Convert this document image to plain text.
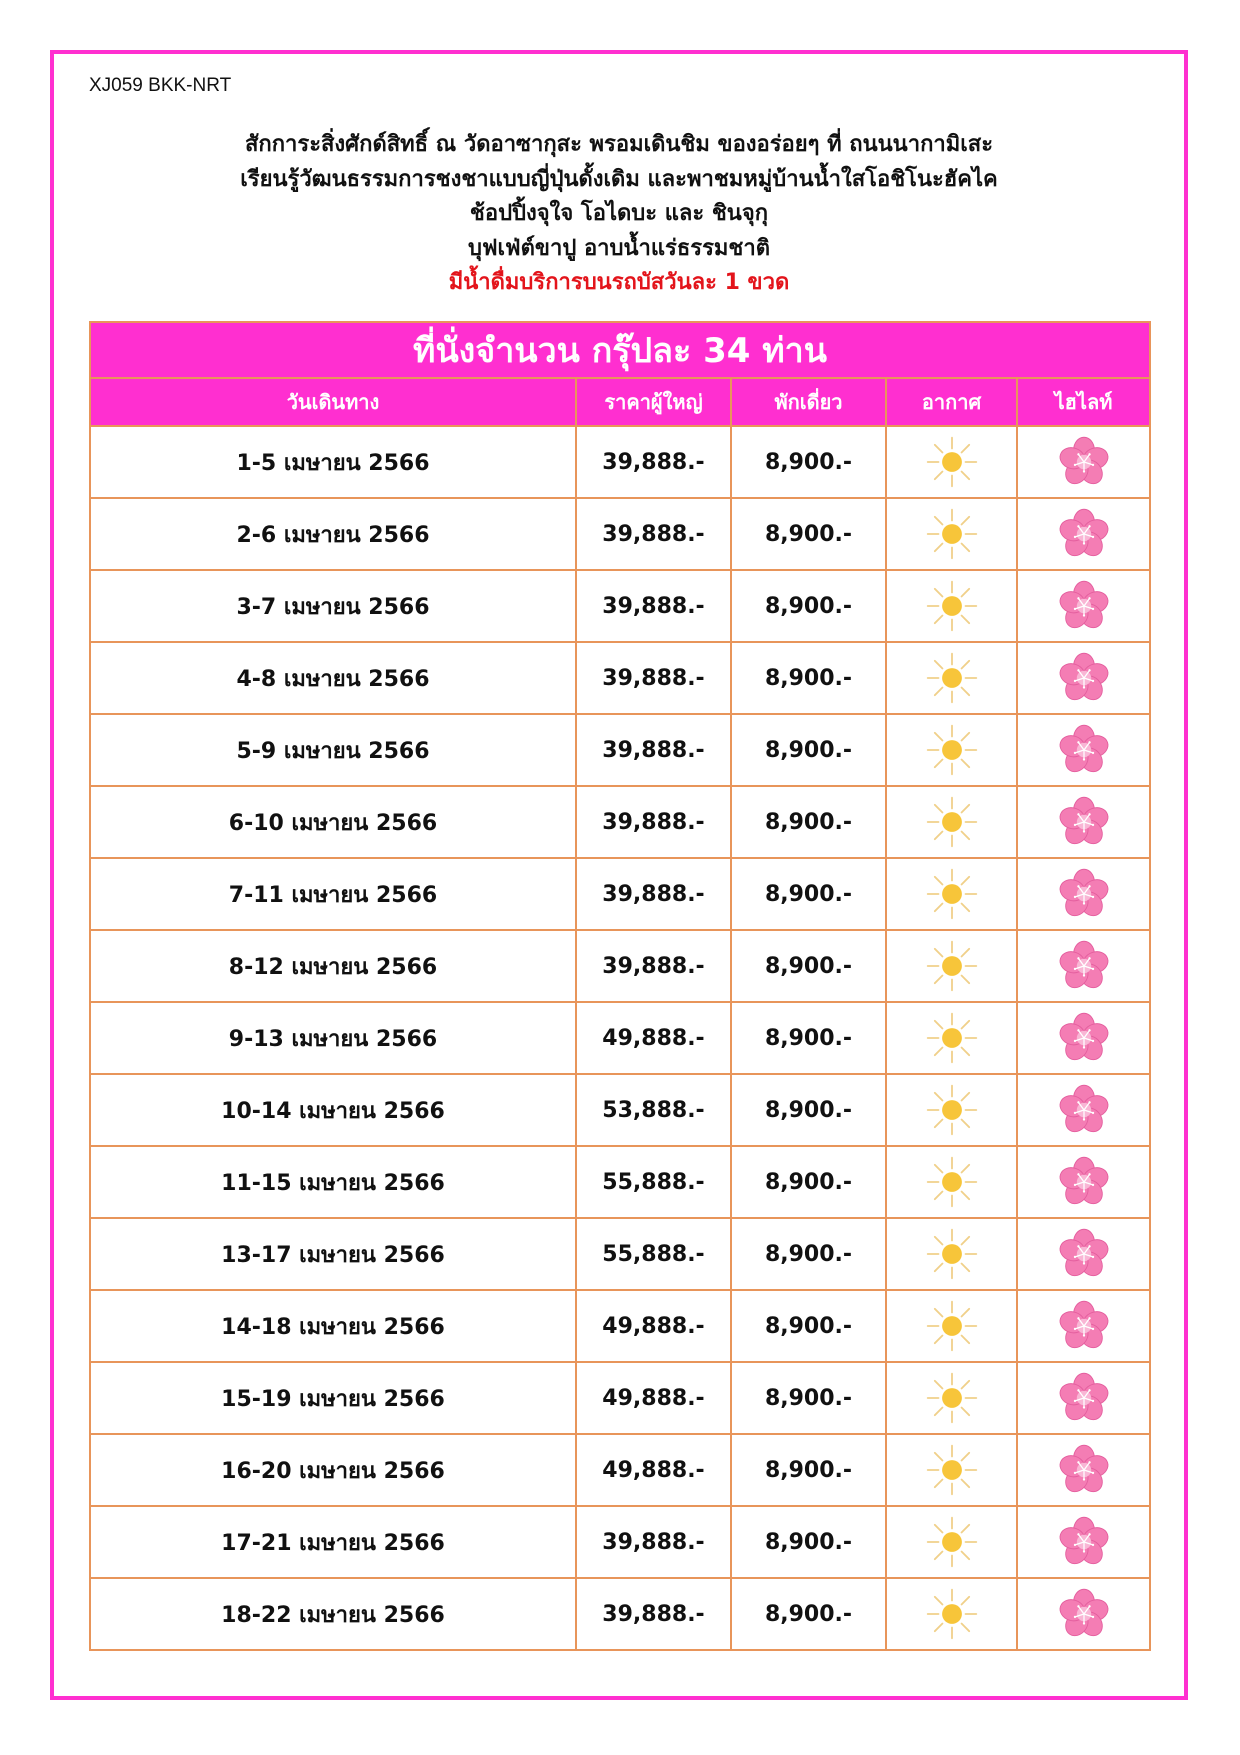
XJ059 BKK-NRT
สักการะสิ่งศักด์สิทธิ์ ณ วัดอาซากุสะ พรอมเดินชิม ของอร่อยๆ ที่ ถนนนากามิเสะ
เรียนรู้วัฒนธรรมการชงชาแบบญี่ปุ่นดั้งเดิม และพาชมหมู่บ้านน้ำใสโอชิโนะฮัคไค
ช้อปปิ้งจุใจ โอไดบะ และ ชินจุกุ
บุฟเฟ่ต์ขาปู อาบน้ำแร่ธรรมชาติ
มีน้ำดื่มบริการบนรถบัสวันละ 1 ขวด
ที่นั่งจำนวน กรุ๊ปละ 34 ท่าน				
วันเดินทาง	ราคาผู้ใหญ่	พักเดี่ยว	อากาศ	ไฮไลท์
1-5 เมษายน 2566	39,888.-	8,900.-	

2-6 เมษายน 2566	39,888.-	8,900.-	

3-7 เมษายน 2566	39,888.-	8,900.-	

4-8 เมษายน 2566	39,888.-	8,900.-	

5-9 เมษายน 2566	39,888.-	8,900.-	

6-10 เมษายน 2566	39,888.-	8,900.-	

7-11 เมษายน 2566	39,888.-	8,900.-	

8-12 เมษายน 2566	39,888.-	8,900.-	

9-13 เมษายน 2566	49,888.-	8,900.-	

10-14 เมษายน 2566	53,888.-	8,900.-	

11-15 เมษายน 2566	55,888.-	8,900.-	

13-17 เมษายน 2566	55,888.-	8,900.-	

14-18 เมษายน 2566	49,888.-	8,900.-	

15-19 เมษายน 2566	49,888.-	8,900.-	

16-20 เมษายน 2566	49,888.-	8,900.-	

17-21 เมษายน 2566	39,888.-	8,900.-	

18-22 เมษายน 2566	39,888.-	8,900.-	
